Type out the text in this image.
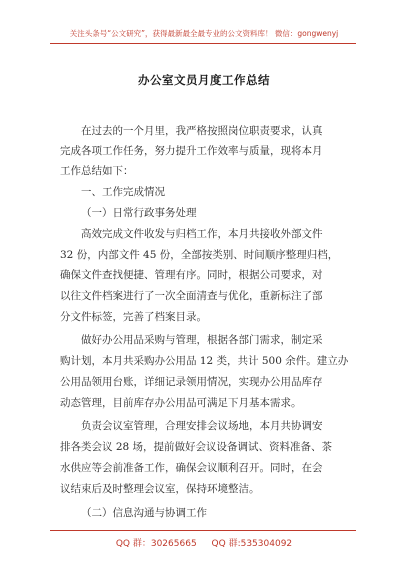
关注头条号“公文研究”，获得最新最全最专业的公文资料库！ 微信：gongwenyj
办公室文员月度工作总结
在过去的一个月里，我严格按照岗位职责要求，认真
完成各项工作任务，努力提升工作效率与质量，现将本月
工作总结如下：
一、工作完成情况
（一）日常行政事务处理
高效完成文件收发与归档工作，本月共接收外部文件
32 份，内部文件 45 份，全部按类别、时间顺序整理归档，
确保文件查找便捷、管理有序。同时，根据公司要求，对
以往文件档案进行了一次全面清查与优化，重新标注了部
分文件标签，完善了档案目录。
做好办公用品采购与管理，根据各部门需求，制定采
购计划，本月共采购办公用品 12 类，共计 500 余件。建立办
公用品领用台账，详细记录领用情况，实现办公用品库存
动态管理，目前库存办公用品可满足下月基本需求。
负责会议室管理，合理安排会议场地，本月共协调安
排各类会议 28 场，提前做好会议设备调试、资料准备、茶
水供应等会前准备工作，确保会议顺利召开。同时，在会
议结束后及时整理会议室，保持环境整洁。
（二）信息沟通与协调工作
QQ 群：30265665 QQ 群:535304092
